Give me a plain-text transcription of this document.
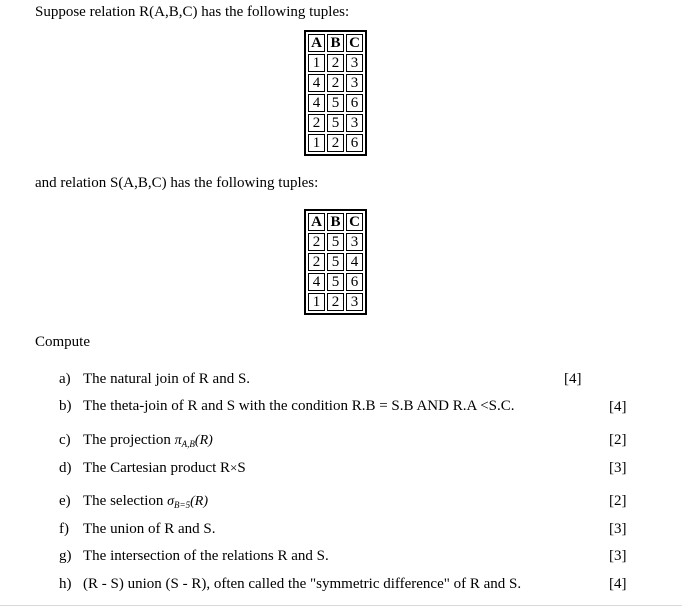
Suppose relation R(A,B,C) has the following tuples:
A	B	C
1	2	3
4	2	3
4	5	6
2	5	3
1	2	6
and relation S(A,B,C) has the following tuples:
A	B	C
2	5	3
2	5	4
4	5	6
1	2	3
Compute
a) The natural join of R and S.	[4]
b) The theta-join of R and S with the condition R.B = S.B AND R.A <S.C.	[4]
c) The projection $\pi_{A,B}(R)$	[2]
d) The Cartesian product R×S	[3]
e) The selection $\sigma_{B=5}(R)$	[2]
f) The union of R and S.	[3]
g) The intersection of the relations R and S.	[3]
h) (R - S) union (S - R), often called the "symmetric difference" of R and S.	[4]
